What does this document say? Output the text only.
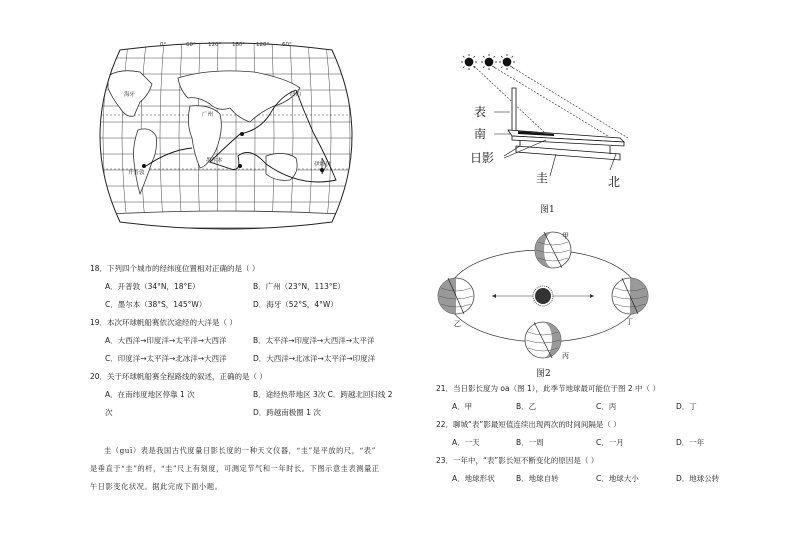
0°	60° 120° 180° 120° 60°
纽约
海牙
广州
墨尔本
开普敦
伊塔伊
表
南
日影
圭	北
图1
甲
乙
丙
丁
图2
18．下列四个城市的经纬度位置相对正确的是（ ）
A．开普敦（34°N，18°E）	B．广州（23°N，113°E）
C．墨尔本（38°S，145°W）	D．海牙（52°S，4°W）
19．本次环球帆船赛依次途经的大洋是（ ）
A．大西洋→印度洋→太平洋→大西洋	B．太平洋→印度洋→大西洋→太平洋
C．印度洋→太平洋→北冰洋→大西洋	D．大西洋→北冰洋→太平洋→印度洋
20．关于环球帆船赛全程路线的叙述，正确的是（ ）
A．在南纬度地区停靠 1 次	B．途经热带地区 3次 C．跨越北回归线 2
次	D．跨越南极圈 1 次
圭（guī）表是我国古代度量日影长度的一种天文仪器，“圭”是平放的尺，“表”
是垂直于“圭”的杆，“圭”尺上有刻度，可测定节气和一年时长。下图示意圭表测量正
午日影变化状况。据此完成下面小题。
21．当日影长度为 oa（图 1），此季节地球最可能位于图 2 中（ ）
A．甲	B．乙	C．丙	D．丁
22．聊城“表”影最短值连续出现两次的时间间隔是（ ）
A．一天	B．一周	C．一月	D．一年
23．一年中，“表”影长短不断变化的原因是（ ）
A．地球形状	B．地球自转	C．地球大小	D．地球公转
